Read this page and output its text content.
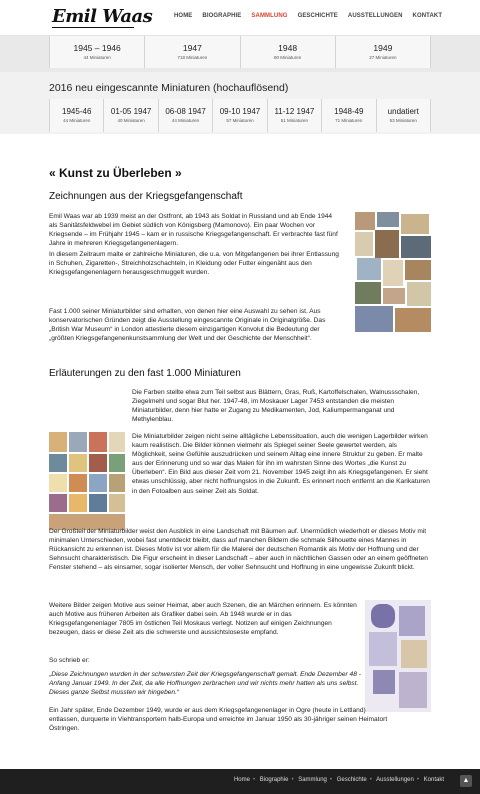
Emil Waas	HOME BIOGRAPHIE SAMMLUNG GESCHICHTE AUSSTELLUNGEN KONTAKT
1945 – 1946
44 Miniaturen
1947
718 Miniaturen
1948
80 Miniaturen
1949
27 Miniaturen
2016 neu eingescannte Miniaturen (hochauflösend)
1945-46
44 Miniaturen
01-05 1947
40 Miniaturen
06-08 1947
44 Miniaturen
09-10 1947
57 Miniaturen
11-12 1947
51 Miniaturen
1948-49
71 Miniaturen
undatiert
53 Miniaturen
« Kunst zu Überleben »
Zeichnungen aus der Kriegsgefangenschaft
Emil Waas war ab 1939 meist an der Ostfront, ab 1943 als Soldat in Russland und ab Ende 1944 als Sanitätsfeldwebel im Gebiet südlich von Königsberg (Mamonovo). Ein paar Wochen vor Kriegsende – im Frühjahr 1945 – kam er in russische Kriegsgefangenschaft. Er verbrachte fast fünf Jahre in mehreren Kriegsgefangenenlagern.
In diesem Zeitraum malte er zahlreiche Miniaturen, die u.a. von Mitgefangenen bei ihrer Entlassung in Schuhen, Zigaretten-, Streichholzschachteln, in Kleidung oder Futter eingenäht aus den Kriegsgefangenenlagern herausgeschmuggelt wurden.
Fast 1.000 seiner Miniaturbilder sind erhalten, von denen hier eine Auswahl zu sehen ist. Aus konservatorischen Gründen zeigt die Ausstellung eingescannte Originale in Originalgröße. Das „British War Museum“ in London attestierte diesem einzigartigen Konvolut die Bedeutung der „größten Kriegsgefangenenkunstsammlung der Welt und der Geschichte der Menschheit“.
Erläuterungen zu den fast 1.000 Miniaturen
Die Farben stellte elwa zum Teil selbst aus Blättern, Gras, Ruß, Kartoffelschalen, Walnussschalen, Ziegelmehl und sogar Blut her. 1947-48, im Moskauer Lager 7453 entstanden die meisten Miniaturbilder, denn hier hatte er Zugang zu Medikamenten, Jod, Kaliumpermanganat und Methylenblau.
Die Miniaturbilder zeigen nicht seine alltägliche Lebenssituation, auch die wenigen Lagerbilder wirken kaum realistisch. Die Bilder können vielmehr als Spiegel seiner Seele gewertet werden, als Möglichkeit, seine Gefühle auszudrücken und seinem Alltag eine innere Struktur zu geben. Er malte aus der Erinnerung und so war das Malen für ihn im wahrsten Sinne des Wortes „die Kunst zu Überleben“. Ein Bild aus dieser Zeit vom 21. November 1945 zeigt ihn als Kriegsgefangenen. Er sieht etwas unschlüssig, aber nicht hoffnungslos in die Zukunft. Es erinnert noch entfernt an die Karikaturen in den Fotoalben aus seiner Zeit als Soldat.
Der Großteil der Miniaturbilder weist den Ausblick in eine Landschaft mit Bäumen auf. Unermüdlich wiederholt er dieses Motiv mit minimalen Unterschieden, wobei fast unentdeckt bleibt, dass auf manchen Bildern die schmale Silhouette eines Mannes in Rückansicht zu erkennen ist. Dieses Motiv ist vor allem für die Malerei der deutschen Romantik als Motiv der Hoffnung und der Sehnsucht charakteristisch. Die Figur erscheint in dieser Landschaft – aber auch in nächtlichen Gassen oder an einem geöffneten Fenster stehend – als einsamer, sogar isolierter Mensch, der voller Sehnsucht und Hoffnung in eine ungewisse Zukunft blickt.
Weitere Bilder zeigen Motive aus seiner Heimat, aber auch Szenen, die an Märchen erinnern. Es könnten auch Motive aus früheren Arbeiten als Grafiker dabei sein. Ab 1948 wurde er in das Kriegsgefangenenlager 7805 im östlichen Teil Moskaus verlegt. Notizen auf einigen Zeichnungen bezeugen, dass er diese Zeit als die schwerste und aussichtsloseste empfand.
So schrieb er:
„Diese Zeichnungen wurden in der schwersten Zeit der Kriegsgefangenschaft gemalt. Ende Dezember 48 -Anfang Januar 1949. In der Zeit, da alle Hoffnungen zerbrachen und wir nichts mehr hatten als uns selbst. Dieses ganze Selbst mussten wir hingeben.“
Ein Jahr später, Ende Dezember 1949, wurde er aus dem Kriegsgefangenenlager in Ogre (heute in Lettland) entlassen, durquerte in Viehtransportern halb-Europa und erreichte im Januar 1950 als 30-jähriger seinen Heimatort Östringen.
Home • Biographie • Sammlung • Geschichte • Ausstellungen • Kontakt	▲
